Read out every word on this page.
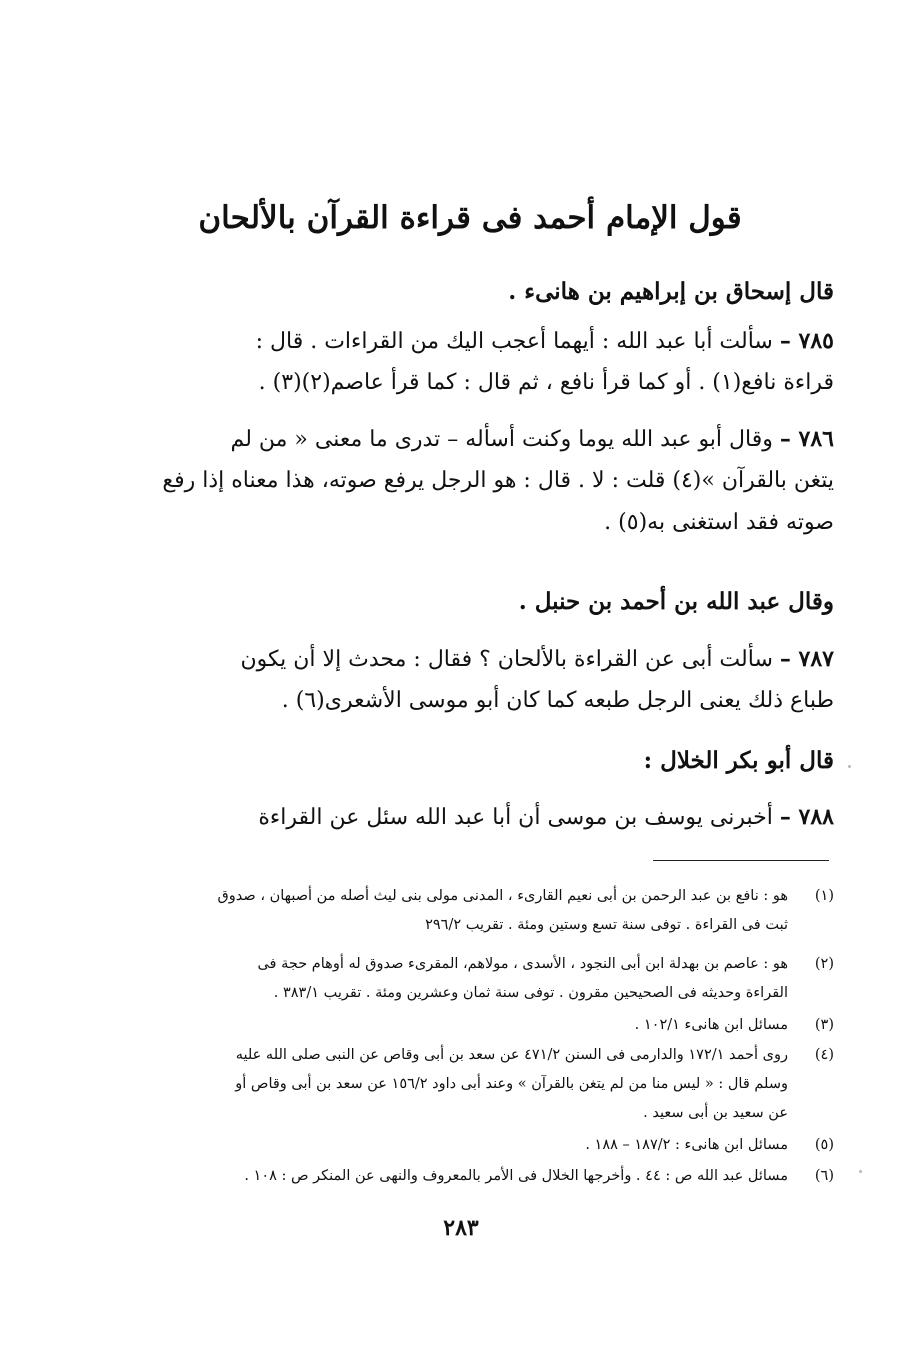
قول الإمام أحمد فى قراءة القرآن بالألحان
قال إسحاق بن إبراهيم بن هانىء .
٧٨٥ – سألت أبا عبد الله : أيهما أعجب اليك من القراءات . قال :
قراءة نافع(١) . أو كما قرأ نافع ، ثم قال : كما قرأ عاصم(٢)(٣) .
٧٨٦ – وقال أبو عبد الله يوما وكنت أسأله – تدرى ما معنى « من لم
يتغن بالقرآن »(٤) قلت : لا . قال : هو الرجل يرفع صوته، هذا معناه إذا رفع
صوته فقد استغنى به(٥) .
وقال عبد الله بن أحمد بن حنبل .
٧٨٧ – سألت أبى عن القراءة بالألحان ؟ فقال : محدث إلا أن يكون
طباع ذلك يعنى الرجل طبعه كما كان أبو موسى الأشعرى(٦) .
قال أبو بكر الخلال :
٧٨٨ – أخبرنى يوسف بن موسى أن أبا عبد الله سئل عن القراءة
(١)
هو : نافع بن عبد الرحمن بن أبى نعيم القارىء ، المدنى مولى بنى ليث أصله من أصبهان ، صدوق
ثبت فى القراءة . توفى سنة تسع وستين ومئة . تقريب ٢٩٦/٢
(٢)
هو : عاصم بن بهدلة ابن أبى النجود ، الأسدى ، مولاهم، المقرىء صدوق له أوهام حجة فى
القراءة وحديثه فى الصحيحين مقرون . توفى سنة ثمان وعشرين ومئة . تقريب ٣٨٣/١ .
(٣)
مسائل ابن هانىء ١٠٢/١ .
(٤)
روى أحمد ١٧٢/١ والدارمى فى السنن ٤٧١/٢ عن سعد بن أبى وقاص عن النبى صلى الله عليه
وسلم قال : « ليس منا من لم يتغن بالقرآن » وعند أبى داود ١٥٦/٢ عن سعد بن أبى وقاص أو
عن سعيد بن أبى سعيد .
(٥)
مسائل ابن هانىء : ١٨٧/٢ – ١٨٨ .
(٦)
مسائل عبد الله ص : ٤٤ . وأخرجها الخلال فى الأمر بالمعروف والنهى عن المنكر ص : ١٠٨ .
٢٨٣
